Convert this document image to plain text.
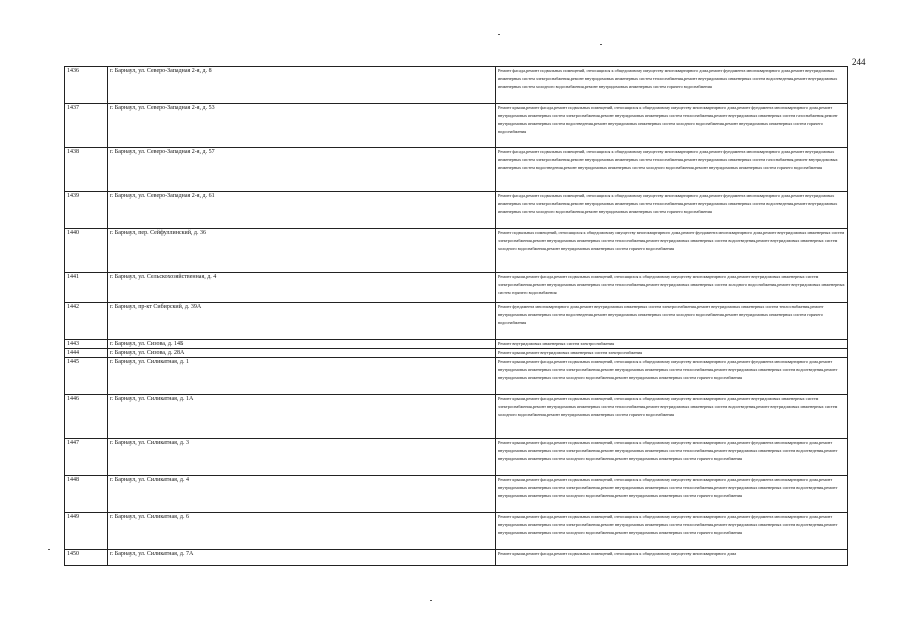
244
1436	г. Барнаул, ул. Северо-Западная 2-я, д. 8	Ремонт фасада,ремонт подвальных помещений, относящихся к общедомовому имуществу многоквартирного дома,ремонт фундамента многоквартирного дома,ремонт внутридомовых инженерных систем электроснабжения,ремонт внутридомовых инженерных систем теплоснабжения,ремонт внутридомовых инженерных систем водоотведения,ремонт внутридомовых инженерных систем холодного водоснабжения,ремонт внутридомовых инженерных систем горячего водоснабжения
1437	г. Барнаул, ул. Северо-Западная 2-я, д. 53	Ремонт крыши,ремонт фасада,ремонт подвальных помещений, относящихся к общедомовому имуществу многоквартирного дома,ремонт фундамента многоквартирного дома,ремонт внутридомовых инженерных систем электроснабжения,ремонт внутридомовых инженерных систем теплоснабжения,ремонт внутридомовых инженерных систем газоснабжения,ремонт внутридомовых инженерных систем водоотведения,ремонт внутридомовых инженерных систем холодного водоснабжения,ремонт внутридомовых инженерных систем горячего водоснабжения
1438	г. Барнаул, ул. Северо-Западная 2-я, д. 57	Ремонт фасада,ремонт подвальных помещений, относящихся к общедомовому имуществу многоквартирного дома,ремонт фундамента многоквартирного дома,ремонт внутридомовых инженерных систем электроснабжения,ремонт внутридомовых инженерных систем теплоснабжения,ремонт внутридомовых инженерных систем газоснабжения,ремонт внутридомовых инженерных систем водоотведения,ремонт внутридомовых инженерных систем холодного водоснабжения,ремонт внутридомовых инженерных систем горячего водоснабжения
1439	г. Барнаул, ул. Северо-Западная 2-я, д. 61	Ремонт фасада,ремонт подвальных помещений, относящихся к общедомовому имуществу многоквартирного дома,ремонт фундамента многоквартирного дома,ремонт внутридомовых инженерных систем электроснабжения,ремонт внутридомовых инженерных систем теплоснабжения,ремонт внутридомовых инженерных систем водоотведения,ремонт внутридомовых инженерных систем холодного водоснабжения,ремонт внутридомовых инженерных систем горячего водоснабжения
1440	г. Барнаул, пер. Сейфуллинский, д. 36	Ремонт подвальных помещений, относящихся к общедомовому имуществу многоквартирного дома,ремонт фундамента многоквартирного дома,ремонт внутридомовых инженерных систем электроснабжения,ремонт внутридомовых инженерных систем теплоснабжения,ремонт внутридомовых инженерных систем водоотведения,ремонт внутридомовых инженерных систем холодного водоснабжения,ремонт внутридомовых инженерных систем горячего водоснабжения
1441	г. Барнаул, ул. Сельскохозяйственная, д. 4	Ремонт крыши,ремонт фасада,ремонт подвальных помещений, относящихся к общедомовому имуществу многоквартирного дома,ремонт внутридомовых инженерных систем электроснабжения,ремонт внутридомовых инженерных систем теплоснабжения,ремонт внутридомовых инженерных систем холодного водоснабжения,ремонт внутридомовых инженерных систем горячего водоснабжения
1442	г. Барнаул, пр-кт Сибирский, д. 39А	Ремонт фундамента многоквартирного дома,ремонт внутридомовых инженерных систем электроснабжения,ремонт внутридомовых инженерных систем теплоснабжения,ремонт внутридомовых инженерных систем водоотведения,ремонт внутридомовых инженерных систем холодного водоснабжения,ремонт внутридомовых инженерных систем горячего водоснабжения
1443	г. Барнаул, ул. Сизова, д. 14Б	Ремонт внутридомовых инженерных систем электроснабжения
1444	г. Барнаул, ул. Сизова, д. 28А	Ремонт крыши,ремонт внутридомовых инженерных систем электроснабжения
1445	г. Барнаул, ул. Силикатная, д. 1	Ремонт крыши,ремонт фасада,ремонт подвальных помещений, относящихся к общедомовому имуществу многоквартирного дома,ремонт фундамента многоквартирного дома,ремонт внутридомовых инженерных систем электроснабжения,ремонт внутридомовых инженерных систем теплоснабжения,ремонт внутридомовых инженерных систем водоотведения,ремонт внутридомовых инженерных систем холодного водоснабжения,ремонт внутридомовых инженерных систем горячего водоснабжения
1446	г. Барнаул, ул. Силикатная, д. 1А	Ремонт крыши,ремонт фасада,ремонт подвальных помещений, относящихся к общедомовому имуществу многоквартирного дома,ремонт внутридомовых инженерных систем электроснабжения,ремонт внутридомовых инженерных систем теплоснабжения,ремонт внутридомовых инженерных систем водоотведения,ремонт внутридомовых инженерных систем холодного водоснабжения,ремонт внутридомовых инженерных систем горячего водоснабжения
1447	г. Барнаул, ул. Силикатная, д. 3	Ремонт крыши,ремонт фасада,ремонт подвальных помещений, относящихся к общедомовому имуществу многоквартирного дома,ремонт фундамента многоквартирного дома,ремонт внутридомовых инженерных систем электроснабжения,ремонт внутридомовых инженерных систем теплоснабжения,ремонт внутридомовых инженерных систем водоотведения,ремонт внутридомовых инженерных систем холодного водоснабжения,ремонт внутридомовых инженерных систем горячего водоснабжения
1448	г. Барнаул, ул. Силикатная, д. 4	Ремонт крыши,ремонт фасада,ремонт подвальных помещений, относящихся к общедомовому имуществу многоквартирного дома,ремонт фундамента многоквартирного дома,ремонт внутридомовых инженерных систем электроснабжения,ремонт внутридомовых инженерных систем теплоснабжения,ремонт внутридомовых инженерных систем водоотведения,ремонт внутридомовых инженерных систем холодного водоснабжения,ремонт внутридомовых инженерных систем горячего водоснабжения
1449	г. Барнаул, ул. Силикатная, д. 6	Ремонт крыши,ремонт фасада,ремонт подвальных помещений, относящихся к общедомовому имуществу многоквартирного дома,ремонт фундамента многоквартирного дома,ремонт внутридомовых инженерных систем электроснабжения,ремонт внутридомовых инженерных систем теплоснабжения,ремонт внутридомовых инженерных систем водоотведения,ремонт внутридомовых инженерных систем холодного водоснабжения,ремонт внутридомовых инженерных систем горячего водоснабжения
1450	г. Барнаул, ул. Силикатная, д. 7А	Ремонт крыши,ремонт фасада,ремонт подвальных помещений, относящихся к общедомовому имуществу многоквартирного дома
